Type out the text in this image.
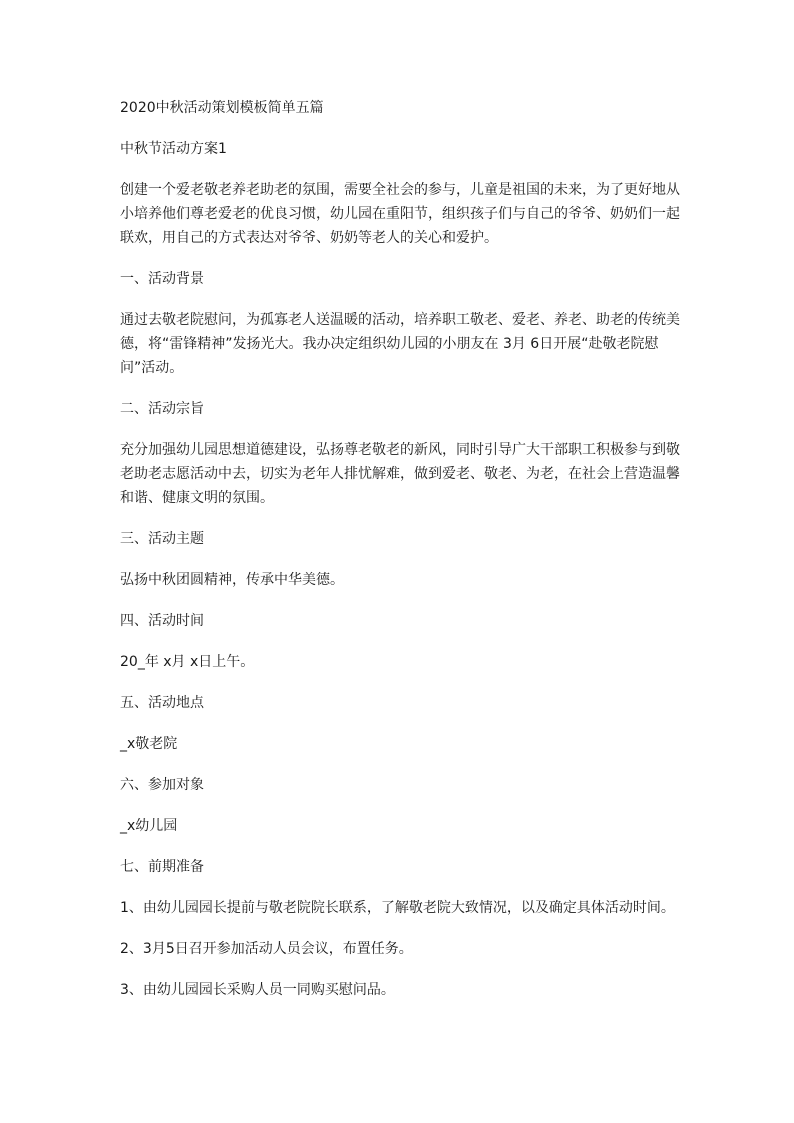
2020中秋活动策划模板简单五篇

中秋节活动方案1

创建一个爱老敬老养老助老的氛围，需要全社会的参与，儿童是祖国的未来，为了更好地从
小培养他们尊老爱老的优良习惯，幼儿园在重阳节，组织孩子们与自己的爷爷、奶奶们一起
联欢，用自己的方式表达对爷爷、奶奶等老人的关心和爱护。

一、活动背景

通过去敬老院慰问，为孤寡老人送温暖的活动，培养职工敬老、爱老、养老、助老的传统美
德，将“雷锋精神”发扬光大。我办决定组织幼儿园的小朋友在 3月 6日开展“赴敬老院慰
问”活动。

二、活动宗旨

充分加强幼儿园思想道德建设，弘扬尊老敬老的新风，同时引导广大干部职工积极参与到敬
老助老志愿活动中去，切实为老年人排忧解难，做到爱老、敬老、为老，在社会上营造温馨
和谐、健康文明的氛围。

三、活动主题

弘扬中秋团圆精神，传承中华美德。

四、活动时间

20_年 x月 x日上午。

五、活动地点

_x敬老院

六、参加对象

_x幼儿园

七、前期准备

1、由幼儿园园长提前与敬老院院长联系，了解敬老院大致情况，以及确定具体活动时间。

2、3月5日召开参加活动人员会议，布置任务。

3、由幼儿园园长采购人员一同购买慰问品。
